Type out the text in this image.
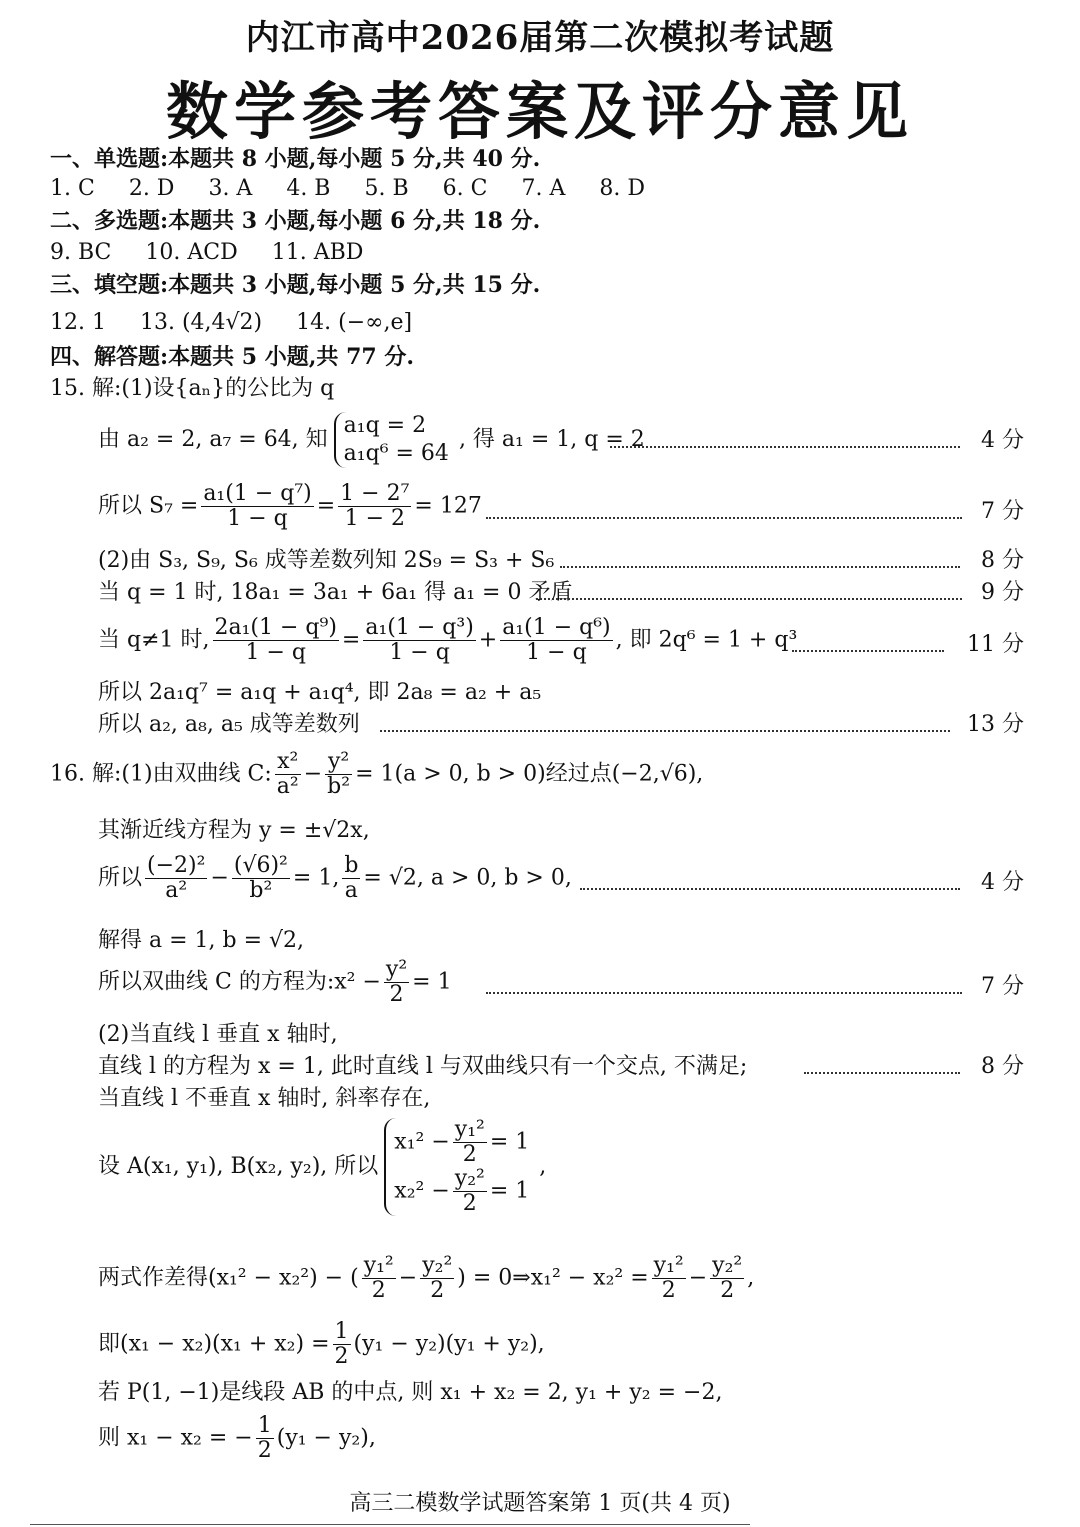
内江市高中2026届第二次模拟考试题
数学参考答案及评分意见
一、单选题:本题共 8 小题,每小题 5 分,共 40 分.
1. C 2. D 3. A 4. B 5. B 6. C 7. A 8. D
二、多选题:本题共 3 小题,每小题 6 分,共 18 分.
9. BC 10. ACD 11. ABD
三、填空题:本题共 3 小题,每小题 5 分,共 15 分.
12. 1 13. (4,4√2) 14. (−∞,e]
四、解答题:本题共 5 小题,共 77 分.
15. 解:(1)设{aₙ}的公比为 q
由 a₂ = 2, a₇ = 64, 知
a₁q = 2
a₁q⁶ = 64
, 得 a₁ = 1, q = 2	4 分
所以 $S_7 = \frac{\text{a₁(1 − q⁷)}}{1 - q} = \frac{\text{1 − 2⁷}}{1 - 2} = 127$	7 分
(2)由 S₃, S₉, S₆ 成等差数列知 2S₉ = S₃ + S₆	8 分
当 q = 1 时, 18a₁ = 3a₁ + 6a₁ 得 a₁ = 0 矛盾	9 分
当 q≠1 时, $\frac{\text{2a₁(1 − q⁹)}}{1 - q} = \frac{\text{a₁(1 − q³)}}{1 - q} + \frac{\text{a₁(1 − q⁶)}}{1 - q}$ , 即 2q⁶ = 1 + q³	11 分
所以 2a₁q⁷ = a₁q + a₁q⁴, 即 2a₈ = a₂ + a₅
所以 a₂, a₈, a₅ 成等差数列	13 分
16. 解:(1)由双曲线 C: $\frac{\text{x²}}{\text{a²}} - \frac{\text{y²}}{\text{b²}} = 1(a > 0$, b > 0)经过点(−2,√6),
其渐近线方程为 y = ±√2x,
所以 $\frac{\text{(−2)²}}{\text{a²}} - \frac{\text{(√6)²}}{\text{b²}} = 1$, $\frac{b}{a} = √2$, a > 0, b > 0,	4 分
解得 a = 1, b = √2,
所以双曲线 C 的方程为:x² − $\frac{\text{y²}}{2} = 1$	7 分
(2)当直线 l 垂直 x 轴时,
直线 l 的方程为 x = 1, 此时直线 l 与双曲线只有一个交点, 不满足;	8 分
当直线 l 不垂直 x 轴时, 斜率存在,
设 A(x₁, y₁), B(x₂, y₂), 所以
$x_1^2 - \frac{\text{y₁²}}{2} = 1$
$x_2^2 - \frac{\text{y₂²}}{2} = 1$
,
两式作差得(x₁² − x₂²) − ( $\frac{\text{y₁²}}{2} - \frac{\text{y₂²}}{2}$ ) = 0⇒x₁² − $x_2^2 = \frac{\text{y₁²}}{2} - \frac{\text{y₂²}}{2}$ ,
即$(x_1 - x_2)(x_1 + x_2) = \frac{1}{2} (y_1 - y_2)(y_1 + y_2)$,
若 P(1, −1)是线段 AB 的中点, 则 x₁ + x₂ = 2, y₁ + y₂ = −2,
则 x₁ − x₂ = − $\frac{1}{2} (y_1 - y_2)$,
高三二模数学试题答案第 1 页(共 4 页)
